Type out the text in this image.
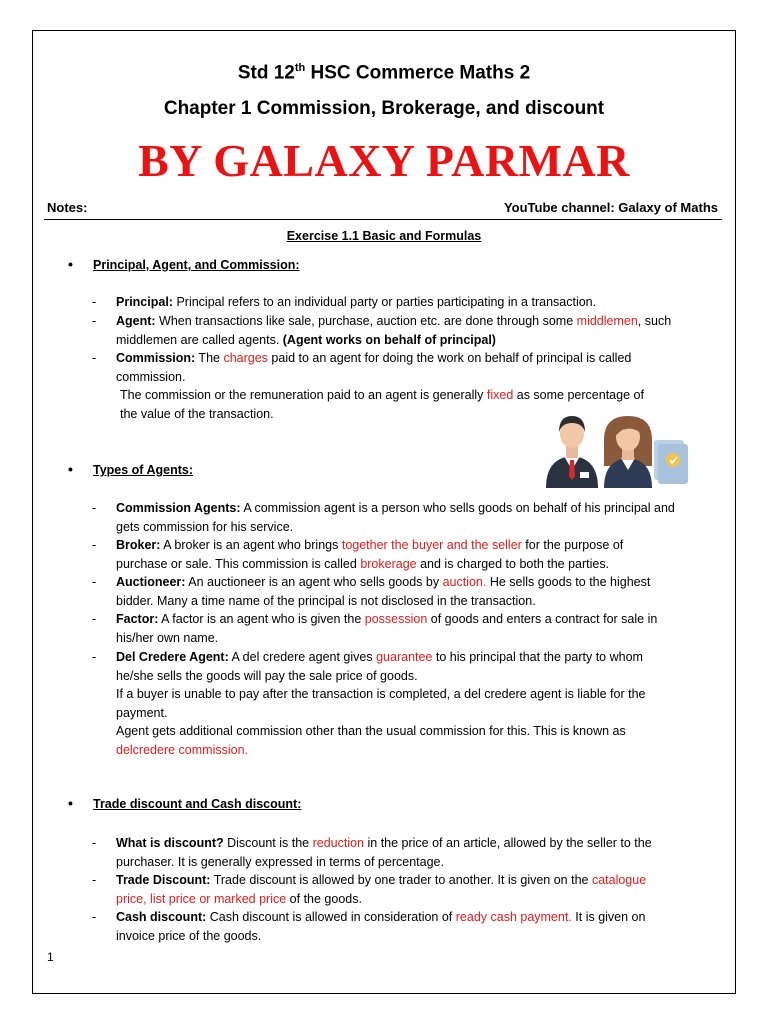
Std 12th HSC Commerce Maths 2
Chapter 1 Commission, Brokerage, and discount
BY GALAXY PARMAR
Notes:	YouTube channel: Galaxy of Maths
Exercise 1.1 Basic and Formulas
• Principal, Agent, and Commission:
- Principal: Principal refers to an individual party or parties participating in a transaction.
- Agent: When transactions like sale, purchase, auction etc. are done through some middlemen, such
middlemen are called agents. (Agent works on behalf of principal)
- Commission: The charges paid to an agent for doing the work on behalf of principal is called
commission.
The commission or the remuneration paid to an agent is generally fixed as some percentage of
the value of the transaction.
• Types of Agents:
- Commission Agents: A commission agent is a person who sells goods on behalf of his principal and
gets commission for his service.
- Broker: A broker is an agent who brings together the buyer and the seller for the purpose of
purchase or sale. This commission is called brokerage and is charged to both the parties.
- Auctioneer: An auctioneer is an agent who sells goods by auction. He sells goods to the highest
bidder. Many a time name of the principal is not disclosed in the transaction.
- Factor: A factor is an agent who is given the possession of goods and enters a contract for sale in
his/her own name.
- Del Credere Agent: A del credere agent gives guarantee to his principal that the party to whom
he/she sells the goods will pay the sale price of goods.
If a buyer is unable to pay after the transaction is completed, a del credere agent is liable for the
payment.
Agent gets additional commission other than the usual commission for this. This is known as
delcredere commission.
• Trade discount and Cash discount:
- What is discount? Discount is the reduction in the price of an article, allowed by the seller to the
purchaser. It is generally expressed in terms of percentage.
- Trade Discount: Trade discount is allowed by one trader to another. It is given on the catalogue
price, list price or marked price of the goods.
- Cash discount: Cash discount is allowed in consideration of ready cash payment. It is given on
invoice price of the goods.
1
